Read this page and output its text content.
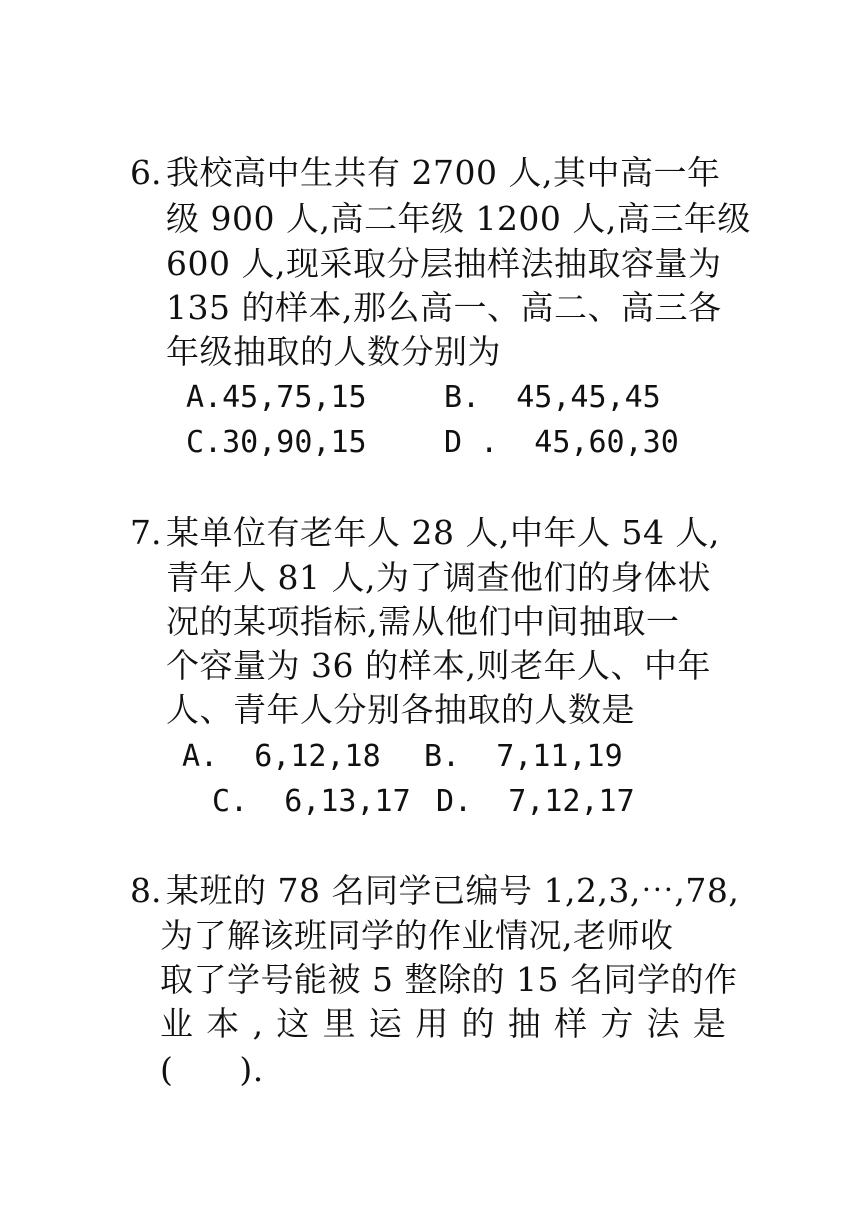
6. 我校高中生共有 2700 人,其中高一年
级 900 人,高二年级 1200 人,高三年级
600 人,现采取分层抽样法抽取容量为
135 的样本,那么高一、高二、高三各
年级抽取的人数分别为
A.45,75,15	B.  45,45,45
C.30,90,15	D .  45,60,30
7. 某单位有老年人 28 人,中年人 54 人,
青年人 81 人,为了调查他们的身体状
况的某项指标,需从他们中间抽取一
个容量为 36 的样本,则老年人、中年
人、青年人分别各抽取的人数是
A.  6,12,18 B.  7,11,19
C.  6,13,17 D.  7,12,17
8. 某班的 78 名同学已编号 1,2,3,⋯,78,
为了解该班同学的作业情况,老师收
取了学号能被 5 整除的 15 名同学的作
业 本 , 这 里 运 用 的 抽 样 方 法 是
(      ).
